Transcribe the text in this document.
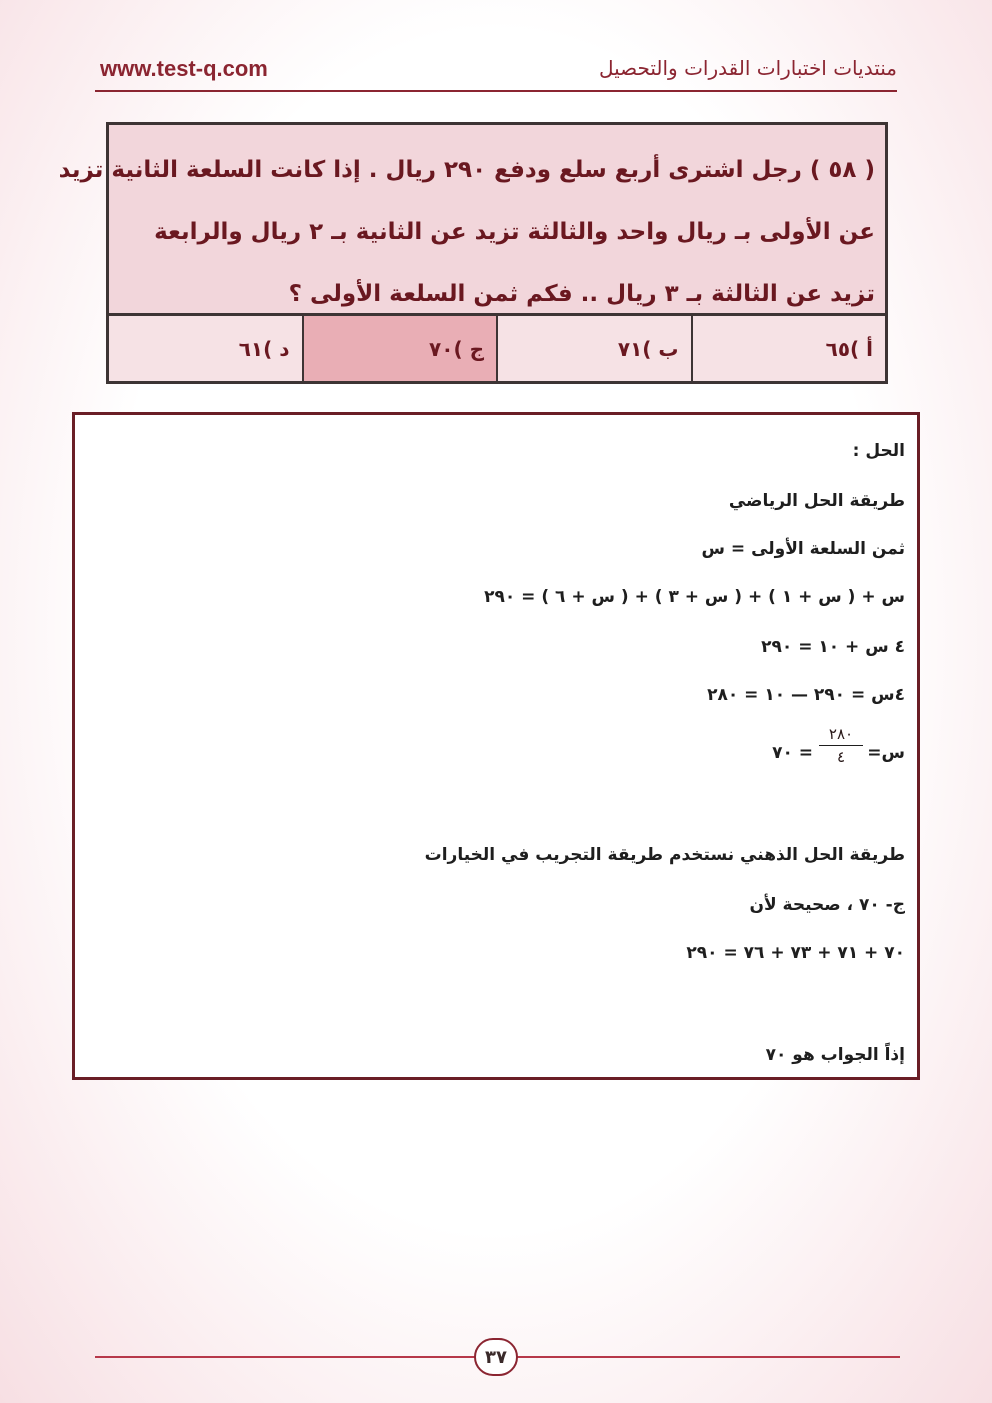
www.test-q.com	منتديات اختبارات القدرات والتحصيل
( ٥٨ ) رجل اشترى أربع سلع ودفع ٢٩٠ ريال . إذا كانت السلعة الثانية تزيد
عن الأولى بـ ريال واحد والثالثة تزيد عن الثانية بـ ٢ ريال والرابعة
تزيد عن الثالثة بـ ٣ ريال .. فكم ثمن السلعة الأولى ؟
أ )٦٥
ب )٧١
ج )٧٠
د )٦١
الحل :
طريقة الحل الرياضي
ثمن السلعة الأولى = س
س + ( س + ١ ) + ( س + ٣ ) + ( س + ٦ ) = ٢٩٠
٤ س + ١٠ = ٢٩٠
٤س = ٢٩٠ — ١٠ = ٢٨٠
س=
٢٨٠
٤
= ٧٠
طريقة الحل الذهني نستخدم طريقة التجريب في الخيارات
ج- ٧٠ ، صحيحة لأن
٧٠ + ٧١ + ٧٣ + ٧٦ = ٢٩٠
إذاً الجواب هو ٧٠
٣٧
